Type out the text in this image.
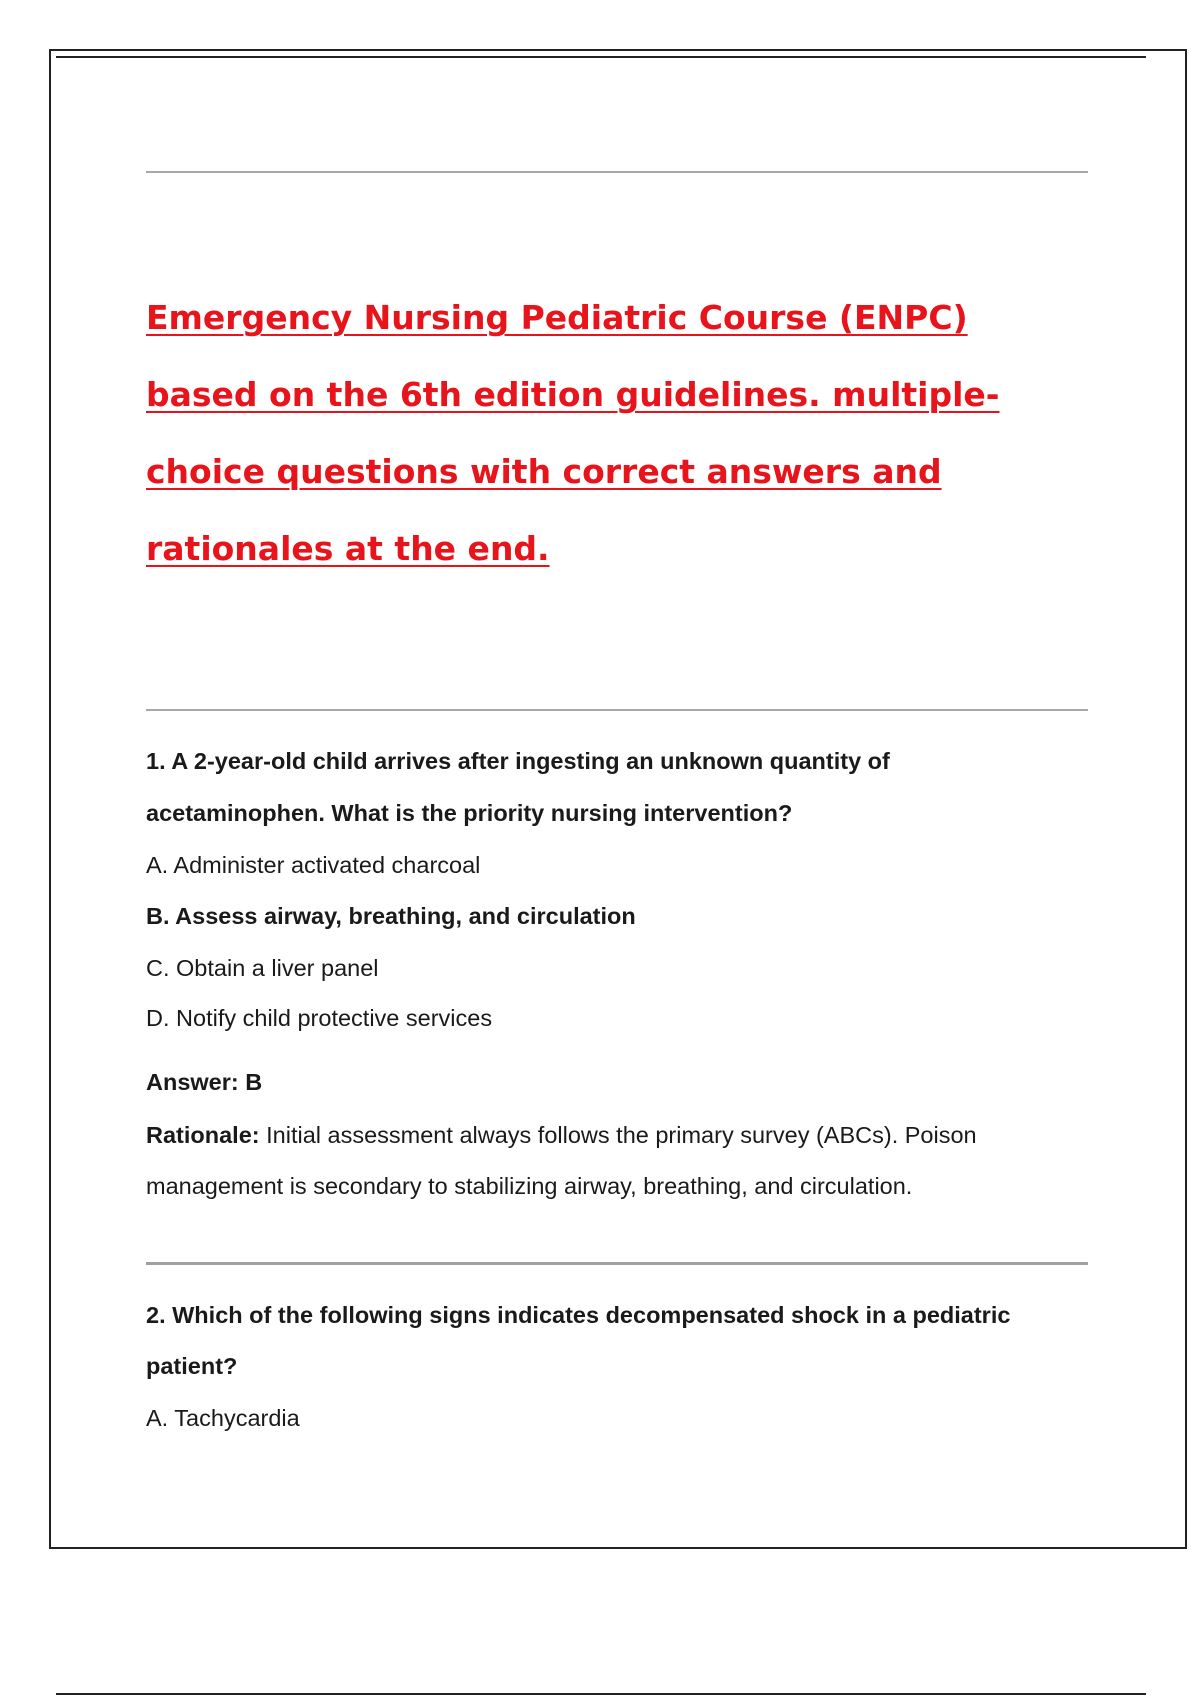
Emergency Nursing Pediatric Course (ENPC)
based on the 6th edition guidelines. multiple-
choice questions with correct answers and
rationales at the end.
1. A 2-year-old child arrives after ingesting an unknown quantity of
acetaminophen. What is the priority nursing intervention?
A. Administer activated charcoal
B. Assess airway, breathing, and circulation
C. Obtain a liver panel
D. Notify child protective services
Answer: B
Rationale: Initial assessment always follows the primary survey (ABCs). Poison
management is secondary to stabilizing airway, breathing, and circulation.
2. Which of the following signs indicates decompensated shock in a pediatric
patient?
A. Tachycardia
